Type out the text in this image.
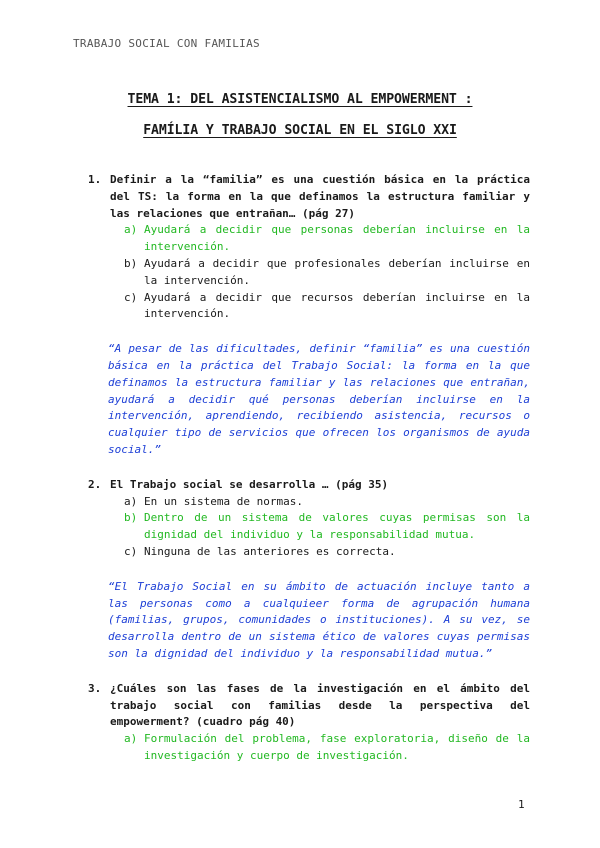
TRABAJO SOCIAL CON FAMILIAS
TEMA 1: DEL ASISTENCIALISMO AL EMPOWERMENT :
FAMÍLIA Y TRABAJO SOCIAL EN EL SIGLO XXI
1. Definir a la “familia” es una cuestión básica en la práctica del TS: la forma en la que definamos la estructura familiar y las relaciones que entrañan… (pág 27)
a) Ayudará a decidir que personas deberían incluirse en la intervención.
b) Ayudará a decidir que profesionales deberían incluirse en la intervención.
c) Ayudará a decidir que recursos deberían incluirse en la intervención.
“A pesar de las dificultades, definir “familia” es una cuestión básica en la práctica del Trabajo Social: la forma en la que definamos la estructura familiar y las relaciones que entrañan, ayudará a decidir qué personas deberían incluirse en la intervención, aprendiendo, recibiendo asistencia, recursos o cualquier tipo de servicios que ofrecen los organismos de ayuda social.”
2. El Trabajo social se desarrolla … (pág 35)
a) En un sistema de normas.
b) Dentro de un sistema de valores cuyas permisas son la dignidad del individuo y la responsabilidad mutua.
c) Ninguna de las anteriores es correcta.
“El Trabajo Social en su ámbito de actuación incluye tanto a las personas como a cualquieer forma de agrupación humana (familias, grupos, comunidades o instituciones). A su vez, se desarrolla dentro de un sistema ético de valores cuyas permisas son la dignidad del individuo y la responsabilidad mutua.”
3. ¿Cuáles son las fases de la investigación en el ámbito del trabajo social con familias desde la perspectiva del empowerment? (cuadro pág 40)
a) Formulación del problema, fase exploratoria, diseño de la investigación y cuerpo de investigación.
1
